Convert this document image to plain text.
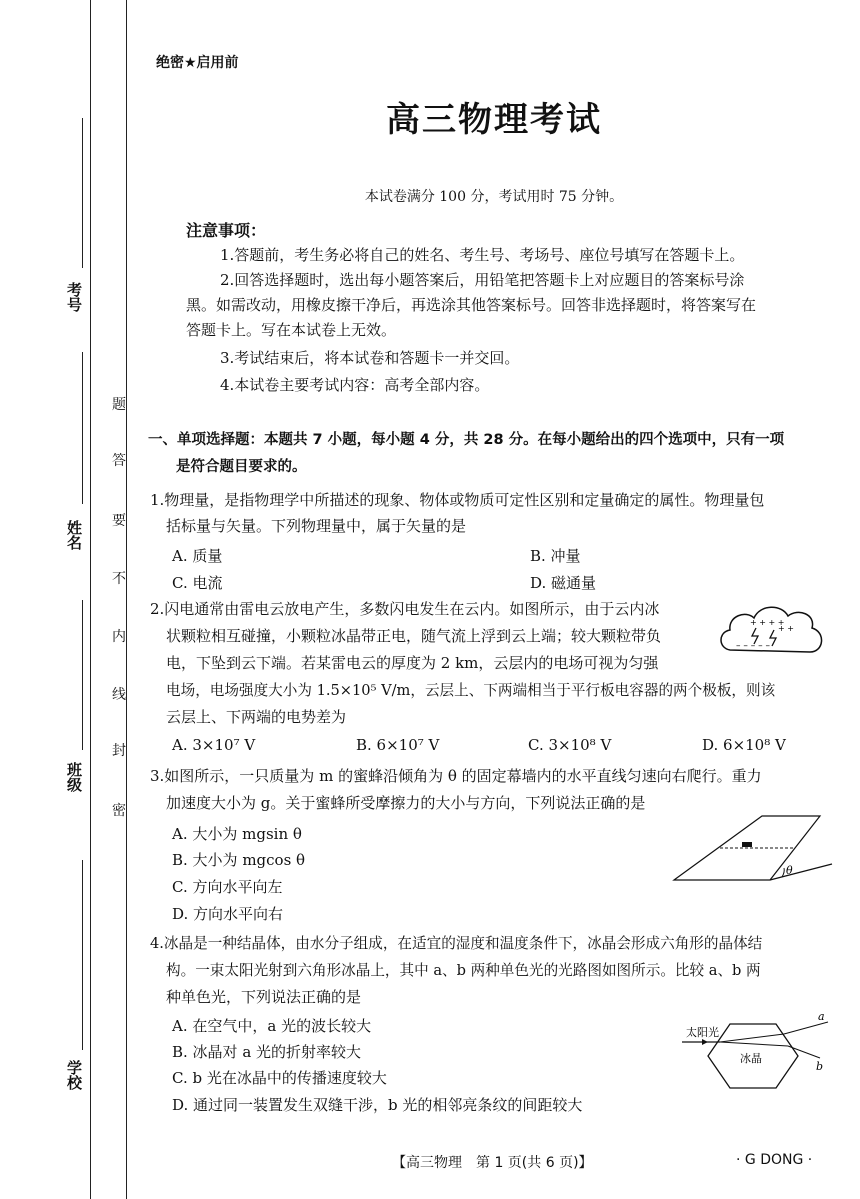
考号
姓名
班级
学校
题
答
要
不
内
线
封
密
绝密★启用前
高三物理考试
本试卷满分 100 分，考试用时 75 分钟。
注意事项：
1.答题前，考生务必将自己的姓名、考生号、考场号、座位号填写在答题卡上。
2.回答选择题时，选出每小题答案后，用铅笔把答题卡上对应题目的答案标号涂
黑。如需改动，用橡皮擦干净后，再选涂其他答案标号。回答非选择题时，将答案写在
答题卡上。写在本试卷上无效。
3.考试结束后，将本试卷和答题卡一并交回。
4.本试卷主要考试内容：高考全部内容。
一、单项选择题：本题共 7 小题，每小题 4 分，共 28 分。在每小题给出的四个选项中，只有一项
是符合题目要求的。
1.物理量，是指物理学中所描述的现象、物体或物质可定性区别和定量确定的属性。物理量包
括标量与矢量。下列物理量中，属于矢量的是
A. 质量	B. 冲量
C. 电流	D. 磁通量
2.闪电通常由雷电云放电产生，多数闪电发生在云内。如图所示，由于云内冰
状颗粒相互碰撞，小颗粒冰晶带正电，随气流上浮到云上端；较大颗粒带负
电，下坠到云下端。若某雷电云的厚度为 2 km，云层内的电场可视为匀强
电场，电场强度大小为 1.5×10⁵ V/m，云层上、下两端相当于平行板电容器的两个极板，则该
云层上、下两端的电势差为
A. 3×10⁷ V	B. 6×10⁷ V	C. 3×10⁸ V	D. 6×10⁸ V
+ + + +
+ +
– – – – –
3.如图所示，一只质量为 m 的蜜蜂沿倾角为 θ 的固定幕墙内的水平直线匀速向右爬行。重力
加速度大小为 g。关于蜜蜂所受摩擦力的大小与方向，下列说法正确的是
A. 大小为 mgsin θ
B. 大小为 mgcos θ
C. 方向水平向左
D. 方向水平向右
θ
4.冰晶是一种结晶体，由水分子组成，在适宜的湿度和温度条件下，冰晶会形成六角形的晶体结
构。一束太阳光射到六角形冰晶上，其中 a、b 两种单色光的光路图如图所示。比较 a、b 两
种单色光，下列说法正确的是
A. 在空气中，a 光的波长较大
B. 冰晶对 a 光的折射率较大
C. b 光在冰晶中的传播速度较大
D. 通过同一装置发生双缝干涉，b 光的相邻亮条纹的间距较大
太阳光
冰晶
a
b
【高三物理　第 1 页(共 6 页)】	· G DONG ·
